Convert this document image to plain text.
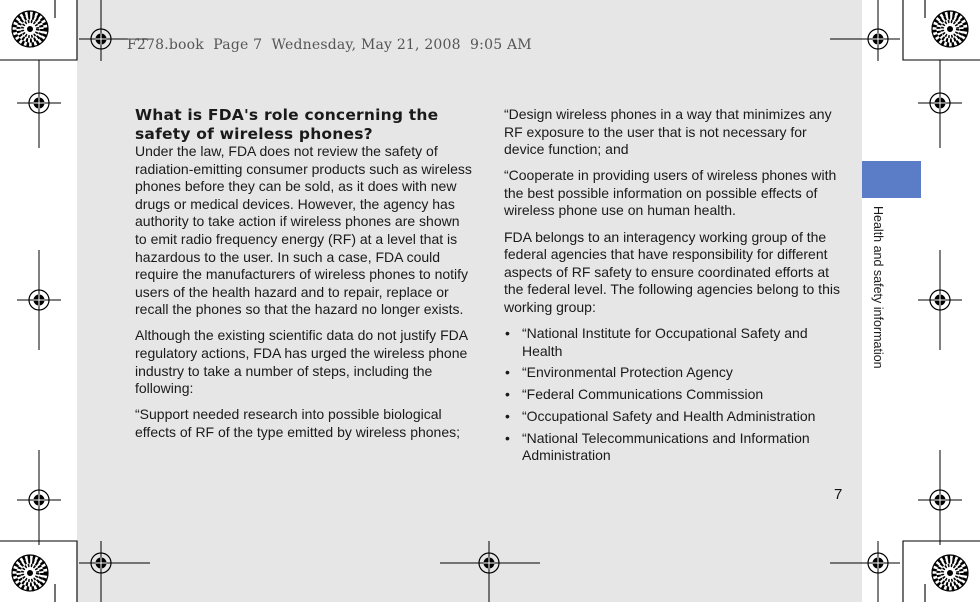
F278.book  Page 7  Wednesday, May 21, 2008  9:05 AM

What is FDA's role concerning the safety of wireless phones?

Under the law, FDA does not review the safety of radiation-emitting consumer products such as wireless phones before they can be sold, as it does with new drugs or medical devices. However, the agency has authority to take action if wireless phones are shown to emit radio frequency energy (RF) at a level that is hazardous to the user. In such a case, FDA could require the manufacturers of wireless phones to notify users of the health hazard and to repair, replace or recall the phones so that the hazard no longer exists.

Although the existing scientific data do not justify FDA regulatory actions, FDA has urged the wireless phone industry to take a number of steps, including the following:

“Support needed research into possible biological effects of RF of the type emitted by wireless phones;

“Design wireless phones in a way that minimizes any RF exposure to the user that is not necessary for device function; and

“Cooperate in providing users of wireless phones with the best possible information on possible effects of wireless phone use on human health.

FDA belongs to an interagency working group of the federal agencies that have responsibility for different aspects of RF safety to ensure coordinated efforts at the federal level. The following agencies belong to this working group:

• “National Institute for Occupational Safety and Health
• “Environmental Protection Agency
• “Federal Communications Commission
• “Occupational Safety and Health Administration
• “National Telecommunications and Information Administration
Health and safety information
7
